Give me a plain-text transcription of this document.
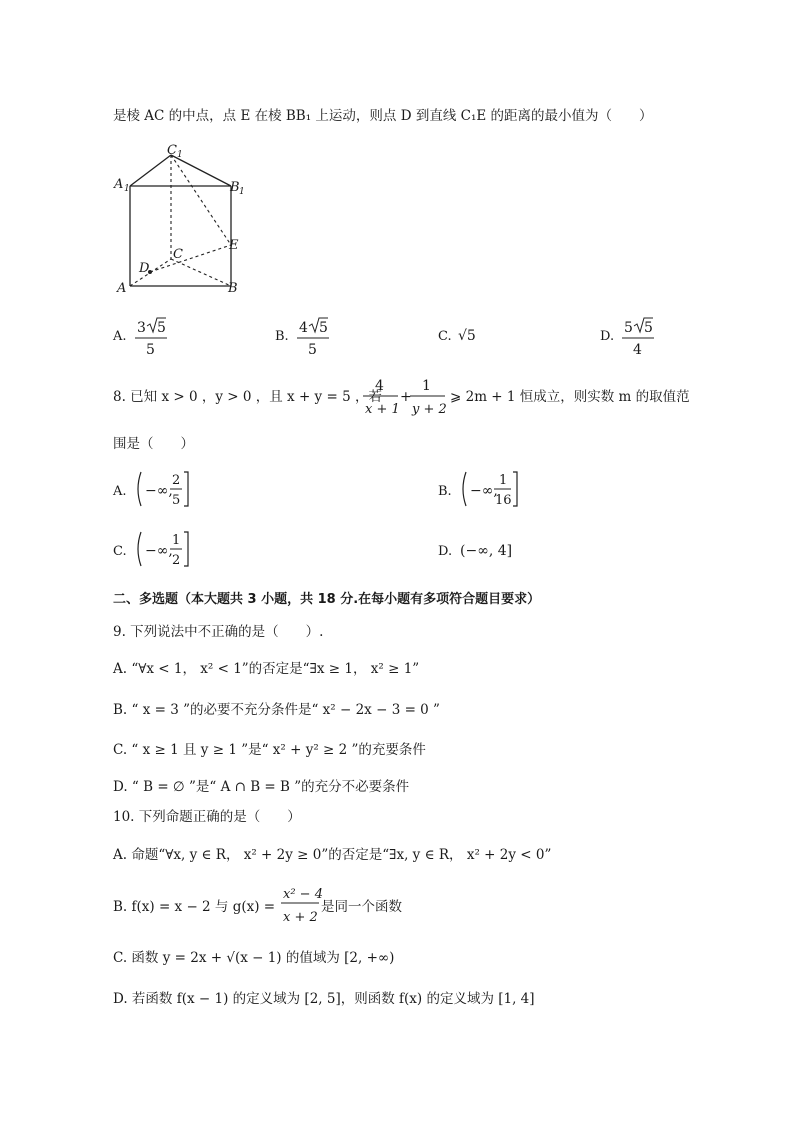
是棱 AC 的中点，点 E 在棱 BB₁ 上运动，则点 D 到直线 C₁E 的距离的最小值为（　　）
C 1
A 1	B 1
E
C
D
A	B
A.
3 5
5
B.
4 5
5
C. √5	D.
5 5
4
8. 已知 x > 0 ，y > 0 ，且 x + y = 5 ，若
4
x + 1
+
1
y + 2
⩾ 2m + 1 恒成立，则实数 m 的取值范
围是（　　）
A. −∞,
2
5
B. −∞,
1
16
C. −∞,
1
2
D. (−∞, 4]
二、多选题（本大题共 3 小题，共 18 分.在每小题有多项符合题目要求）
9. 下列说法中不正确的是（　　）.
A. “∀x < 1， x² < 1”的否定是“∃x ≥ 1， x² ≥ 1”
B. “ x = 3 ”的必要不充分条件是“ x² − 2x − 3 = 0 ”
C. “ x ≥ 1 且 y ≥ 1 ”是“ x² + y² ≥ 2 ”的充要条件
D. “ B = ∅ ”是“ A ∩ B = B ”的充分不必要条件
10. 下列命题正确的是（　　）
A. 命题“∀x, y ∈ R， x² + 2y ≥ 0”的否定是“∃x, y ∈ R， x² + 2y < 0”
B. f(x) = x − 2 与 g(x) =
x² − 4
x + 2
是同一个函数
C. 函数 y = 2x + √(x − 1) 的值域为 [2, +∞)
D. 若函数 f(x − 1) 的定义域为 [2, 5]，则函数 f(x) 的定义域为 [1, 4]
